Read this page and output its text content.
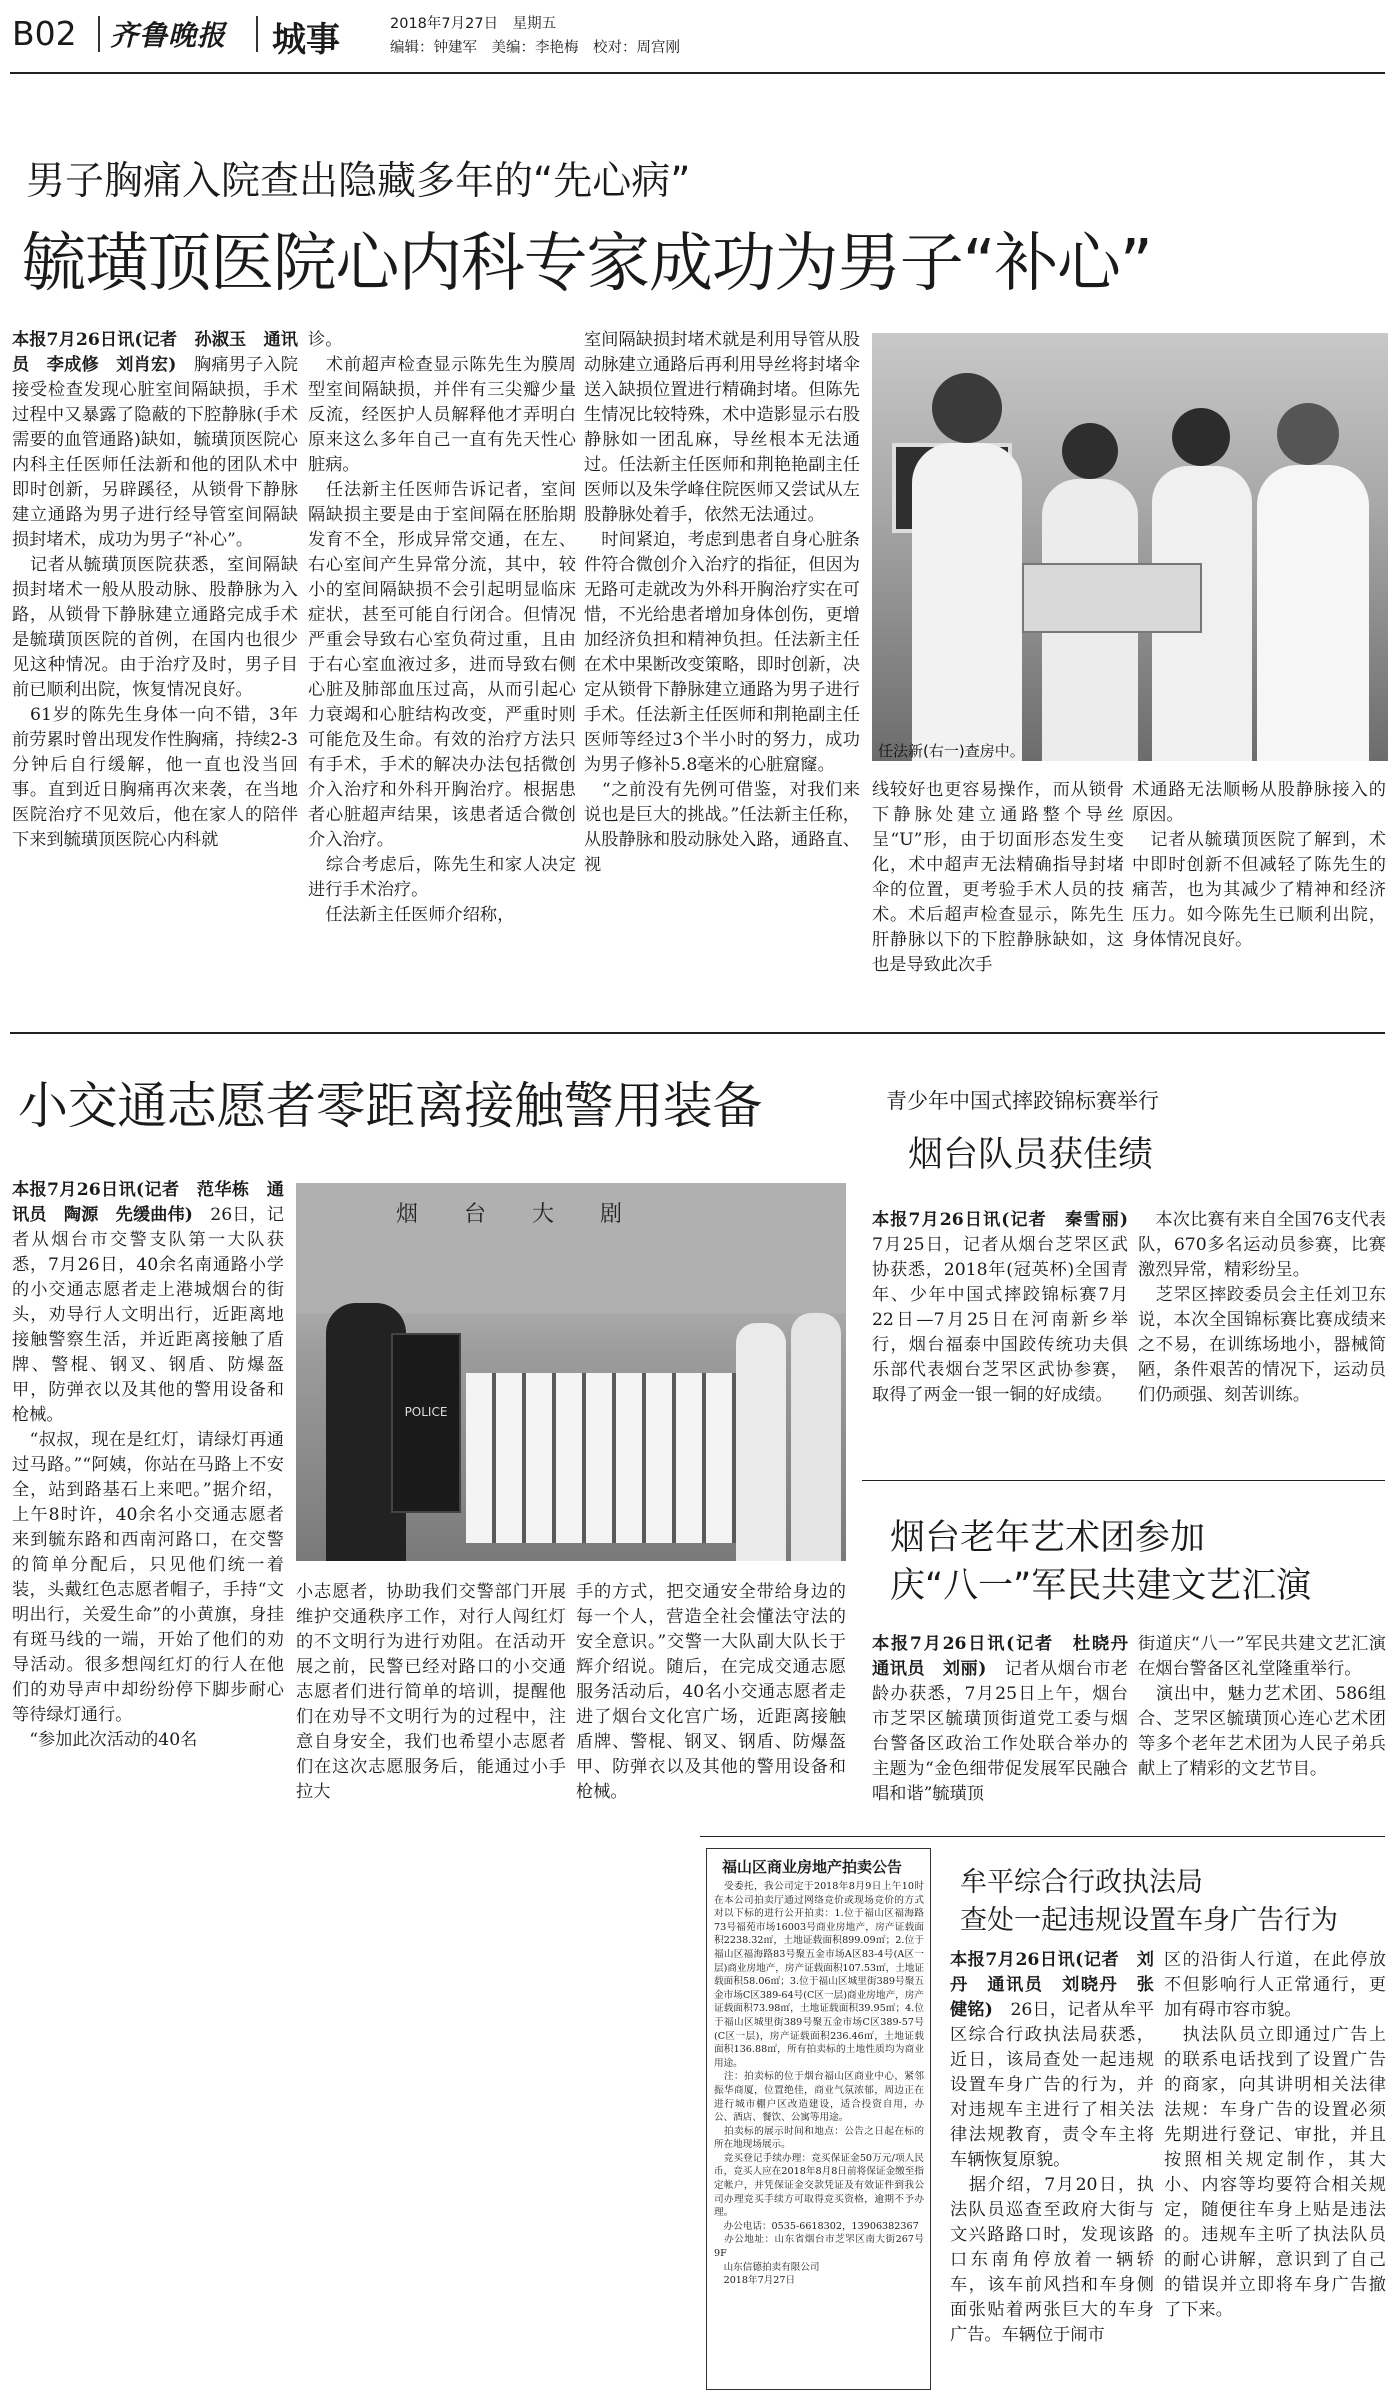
B02 齐鲁晚报 城事	2018年7月27日　星期五
编辑：钟建军　美编：李艳梅　校对：周宫刚
男子胸痛入院查出隐藏多年的“先心病”
毓璜顶医院心内科专家成功为男子“补心”
本报7月26日讯(记者　孙淑玉　通讯员　李成修　刘肖宏)　胸痛男子入院接受检查发现心脏室间隔缺损，手术过程中又暴露了隐蔽的下腔静脉(手术需要的血管通路)缺如，毓璜顶医院心内科主任医师任法新和他的团队术中即时创新，另辟蹊径，从锁骨下静脉建立通路为男子进行经导管室间隔缺损封堵术，成功为男子“补心”。
　记者从毓璜顶医院获悉，室间隔缺损封堵术一般从股动脉、股静脉为入路，从锁骨下静脉建立通路完成手术是毓璜顶医院的首例，在国内也很少见这种情况。由于治疗及时，男子目前已顺利出院，恢复情况良好。
　61岁的陈先生身体一向不错，3年前劳累时曾出现发作性胸痛，持续2-3分钟后自行缓解，他一直也没当回事。直到近日胸痛再次来袭，在当地医院治疗不见效后，他在家人的陪伴下来到毓璜顶医院心内科就
诊。
　术前超声检查显示陈先生为膜周型室间隔缺损，并伴有三尖瓣少量反流，经医护人员解释他才弄明白原来这么多年自己一直有先天性心脏病。
　任法新主任医师告诉记者，室间隔缺损主要是由于室间隔在胚胎期发育不全，形成异常交通，在左、右心室间产生异常分流，其中，较小的室间隔缺损不会引起明显临床症状，甚至可能自行闭合。但情况严重会导致右心室负荷过重，且由于右心室血液过多，进而导致右侧心脏及肺部血压过高，从而引起心力衰竭和心脏结构改变，严重时则可能危及生命。有效的治疗方法只有手术，手术的解决办法包括微创介入治疗和外科开胸治疗。根据患者心脏超声结果，该患者适合微创介入治疗。
　综合考虑后，陈先生和家人决定进行手术治疗。
　任法新主任医师介绍称，
室间隔缺损封堵术就是利用导管从股动脉建立通路后再利用导丝将封堵伞送入缺损位置进行精确封堵。但陈先生情况比较特殊，术中造影显示右股静脉如一团乱麻，导丝根本无法通过。任法新主任医师和荆艳艳副主任医师以及朱学峰住院医师又尝试从左股静脉处着手，依然无法通过。
　时间紧迫，考虑到患者自身心脏条件符合微创介入治疗的指征，但因为无路可走就改为外科开胸治疗实在可惜，不光给患者增加身体创伤，更增加经济负担和精神负担。任法新主任在术中果断改变策略，即时创新，决定从锁骨下静脉建立通路为男子进行手术。任法新主任医师和荆艳副主任医师等经过3个半小时的努力，成功为男子修补5.8毫米的心脏窟窿。
　“之前没有先例可借鉴，对我们来说也是巨大的挑战。”任法新主任称，从股静脉和股动脉处入路，通路直、视
任法新(右一)查房中。
线较好也更容易操作，而从锁骨下静脉处建立通路整个导丝呈“U”形，由于切面形态发生变化，术中超声无法精确指导封堵伞的位置，更考验手术人员的技术。术后超声检查显示，陈先生肝静脉以下的下腔静脉缺如，这也是导致此次手
术通路无法顺畅从股静脉接入的原因。
　记者从毓璜顶医院了解到，术中即时创新不但减轻了陈先生的痛苦，也为其减少了精神和经济压力。如今陈先生已顺利出院，身体情况良好。
小交通志愿者零距离接触警用装备
本报7月26日讯(记者　范华栋　通讯员　陶源　先缓曲伟)　26日，记者从烟台市交警支队第一大队获悉，7月26日，40余名南通路小学的小交通志愿者走上港城烟台的街头，劝导行人文明出行，近距离地接触警察生活，并近距离接触了盾牌、警棍、钢叉、钢盾、防爆盔甲，防弹衣以及其他的警用设备和枪械。
　“叔叔，现在是红灯，请绿灯再通过马路。”“阿姨，你站在马路上不安全，站到路基石上来吧。”据介绍，上午8时许，40余名小交通志愿者来到毓东路和西南河路口，在交警的简单分配后，只见他们统一着装，头戴红色志愿者帽子，手持“文明出行，关爱生命”的小黄旗，身挂有斑马线的一端，开始了他们的劝导活动。很多想闯红灯的行人在他们的劝导声中却纷纷停下脚步耐心等待绿灯通行。
　“参加此次活动的40名
烟　台　大　剧
POLICE
小志愿者，协助我们交警部门开展维护交通秩序工作，对行人闯红灯的不文明行为进行劝阻。在活动开展之前，民警已经对路口的小交通志愿者们进行简单的培训，提醒他们在劝导不文明行为的过程中，注意自身安全，我们也希望小志愿者们在这次志愿服务后，能通过小手拉大
手的方式，把交通安全带给身边的每一个人，营造全社会懂法守法的安全意识。”交警一大队副大队长于辉介绍说。随后，在完成交通志愿服务活动后，40名小交通志愿者走进了烟台文化宫广场，近距离接触盾牌、警棍、钢叉、钢盾、防爆盔甲、防弹衣以及其他的警用设备和枪械。
青少年中国式摔跤锦标赛举行
烟台队员获佳绩
本报7月26日讯(记者　秦雪丽)　7月25日，记者从烟台芝罘区武协获悉，2018年(冠英杯)全国青年、少年中国式摔跤锦标赛7月22日—7月25日在河南新乡举行，烟台福泰中国跤传统功夫俱乐部代表烟台芝罘区武协参赛，取得了两金一银一铜的好成绩。
　本次比赛有来自全国76支代表队，670多名运动员参赛，比赛激烈异常，精彩纷呈。
　芝罘区摔跤委员会主任刘卫东说，本次全国锦标赛比赛成绩来之不易，在训练场地小，器械简陋，条件艰苦的情况下，运动员们仍顽强、刻苦训练。
烟台老年艺术团参加
庆“八一”军民共建文艺汇演
本报7月26日讯(记者　杜晓丹　通讯员　刘丽)　记者从烟台市老龄办获悉，7月25日上午，烟台市芝罘区毓璜顶街道党工委与烟台警备区政治工作处联合举办的主题为“金色细带促发展军民融合唱和谐”毓璜顶
街道庆“八一”军民共建文艺汇演在烟台警备区礼堂隆重举行。
　演出中，魅力艺术团、586组合、芝罘区毓璜顶心连心艺术团等多个老年艺术团为人民子弟兵献上了精彩的文艺节目。
福山区商业房地产拍卖公告
　受委托，我公司定于2018年8月9日上午10时在本公司拍卖厅通过网络竞价或现场竞价的方式对以下标的进行公开拍卖：1.位于福山区福海路73号福苑市场16003号商业房地产，房产证载面积2238.32㎡，土地证载面积899.09㎡；2.位于福山区福海路83号聚五金市场A区83-4号(A区一层)商业房地产，房产证载面积107.53㎡，土地证载面积58.06㎡；3.位于福山区城里街389号聚五金市场C区389-64号(C区一层)商业房地产，房产证载面积73.98㎡，土地证载面积39.95㎡；4.位于福山区城里街389号聚五金市场C区389-57号(C区一层)，房产证载面积236.46㎡，土地证载面积136.88㎡，所有拍卖标的土地性质均为商业用途。
　注：拍卖标的位于烟台福山区商业中心，紧邻振华商厦，位置绝佳，商业气氛浓郁，周边正在进行城市棚户区改造建设，适合投资自用，办公、酒店、餐饮、公寓等用途。
　拍卖标的展示时间和地点：公告之日起在标的所在地现场展示。
　竞买登记手续办理：竞买保证金50万元/项人民币，竞买人应在2018年8月8日前将保证金缴至指定帐户，并凭保证金交款凭证及有效证件到我公司办理竞买手续方可取得竞买资格，逾期不予办理。
　办公电话：0535-6618302，13906382367
　办公地址：山东省烟台市芝罘区南大街267号9F
　山东信德拍卖有限公司
　2018年7月27日
牟平综合行政执法局
查处一起违规设置车身广告行为
本报7月26日讯(记者　刘丹　通讯员　刘晓丹　张健铭)　26日，记者从牟平区综合行政执法局获悉，近日，该局查处一起违规设置车身广告的行为，并对违规车主进行了相关法律法规教育，责令车主将车辆恢复原貌。
　据介绍，7月20日，执法队员巡查至政府大街与文兴路路口时，发现该路口东南角停放着一辆轿车，该车前风挡和车身侧面张贴着两张巨大的车身广告。车辆位于闹市
区的沿街人行道，在此停放不但影响行人正常通行，更加有碍市容市貌。
　执法队员立即通过广告上的联系电话找到了设置广告的商家，向其讲明相关法律法规：车身广告的设置必须先期进行登记、审批，并且按照相关规定制作，其大小、内容等均要符合相关规定，随便往车身上贴是违法的。违规车主听了执法队员的耐心讲解，意识到了自己的错误并立即将车身广告撤了下来。
